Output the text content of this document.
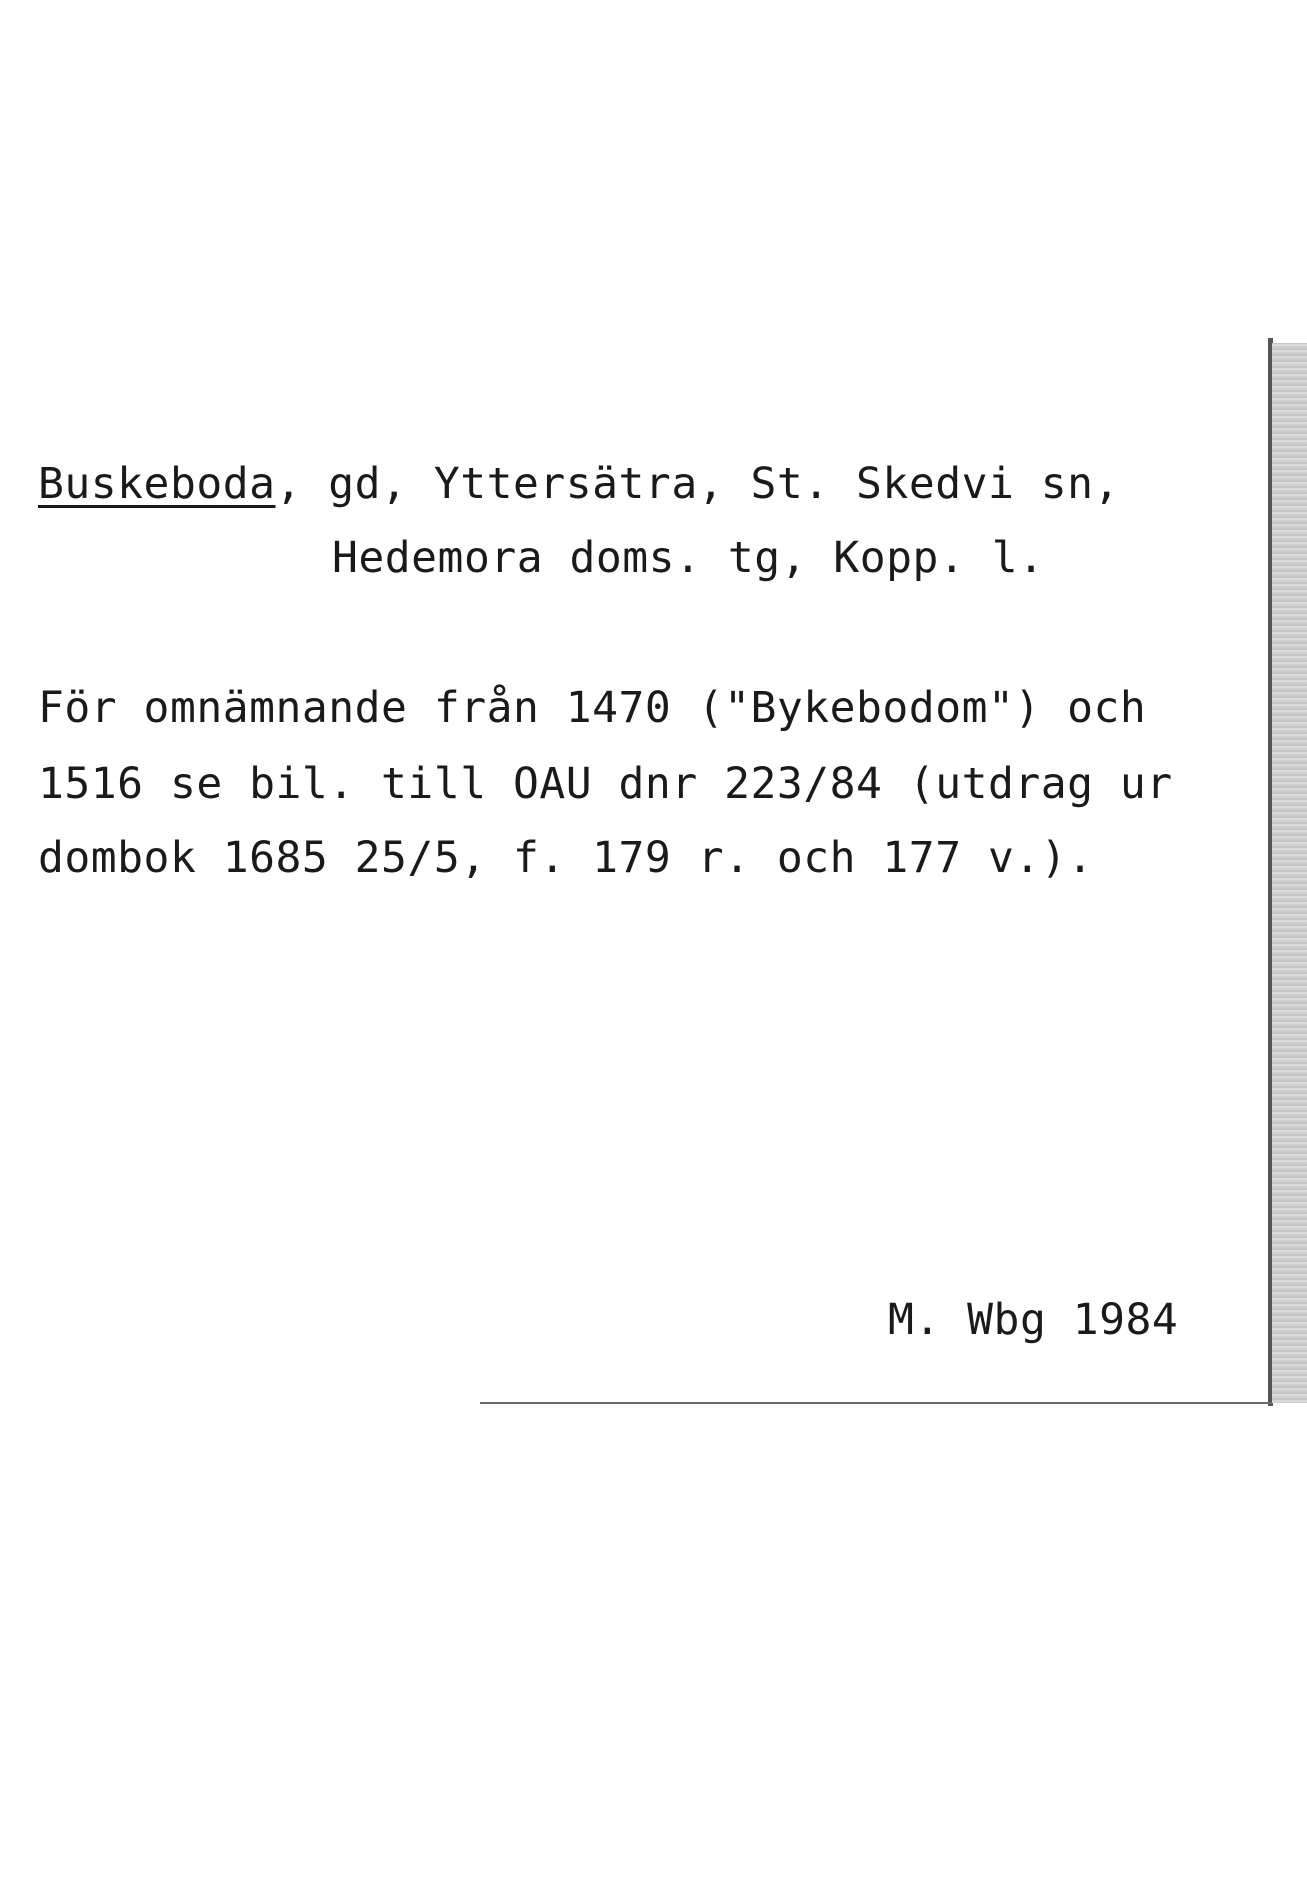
Buskeboda, gd, Yttersätra, St. Skedvi sn,
Hedemora doms. tg, Kopp. l.
För omnämnande från 1470 ("Bykebodom") och
1516 se bil. till OAU dnr 223/84 (utdrag ur
dombok 1685 25/5, f. 179 r. och 177 v.).
M. Wbg 1984
